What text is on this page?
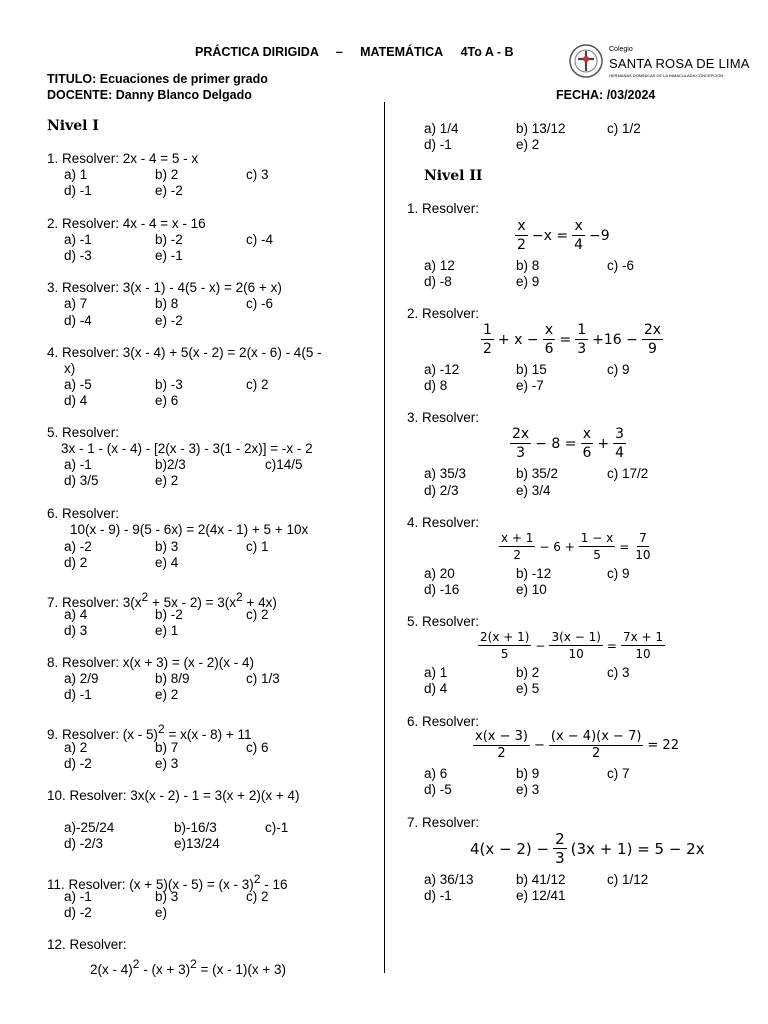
PRÁCTICA DIRIGIDA – MATEMÁTICA 4To A - B	Colegio
SANTA ROSA DE LIMA
HERMANAS DOMINICAS DE LA INMACULADA CONCEPCIÓN
TITULO: Ecuaciones de primer grado
DOCENTE: Danny Blanco Delgado	FECHA: /03/2024
Nivel I
1. Resolver: 2x - 4 = 5 - x
a) 1	b) 2	c) 3
d) -1	e) -2
2. Resolver: 4x - 4 = x - 16
a) -1	b) -2	c) -4
d) -3	e) -1
3. Resolver: 3(x - 1) - 4(5 - x) = 2(6 + x)
a) 7	b) 8	c) -6
d) -4	e) -2
4. Resolver: 3(x - 4) + 5(x - 2) = 2(x - 6) - 4(5 -
x)
a) -5	b) -3	c) 2
d) 4	e) 6
5. Resolver:
3x - 1 - (x - 4) - [2(x - 3) - 3(1 - 2x)] = -x - 2
a) -1	b)2/3	c)14/5
d) 3/5	e) 2
6. Resolver:
10(x - 9) - 9(5 - 6x) = 2(4x - 1) + 5 + 10x
a) -2	b) 3	c) 1
d) 2	e) 4
7. Resolver: $3(x^2 + 5x - 2) = 3(x^2 + 4x)$
a) 4	b) -2	c) 2
d) 3	e) 1
8. Resolver: x(x + 3) = (x - 2)(x - 4)
a) 2/9	b) 8/9	c) 1/3
d) -1	e) 2
9. Resolver: (x - 5)$^2$ = x(x - 8) + 11
a) 2	b) 7	c) 6
d) -2	e) 3
10. Resolver: 3x(x - 2) - 1 = 3(x + 2)(x + 4)
a)-25/24	b)-16/3	c)-1
d) -2/3	e)13/24
11. Resolver: (x + 5)(x - 5) = (x - 3)$^2$ - 16
a) -1	b) 3	c) 2
d) -2	e)
12. Resolver:
$2(x - 4)^2 - (x + 3)^2 = (x - 1)(x + 3)$
a) 1/4	b) 13/12	c) 1/2
d) -1	e) 2
Nivel II
1. Resolver:
$\frac{x}{2} -x = \frac{x}{4} -9$
a) 12	b) 8	c) -6
d) -8	e) 9
2. Resolver:
$\frac{1}{2} + x - \frac{x}{6} = \frac{1}{3} +16 - \frac{2x}{9}$
a) -12	b) 15	c) 9
d) 8	e) -7
3. Resolver:
$\frac{2x}{3} - 8 = \frac{x}{6} + \frac{3}{4}$
a) 35/3	b) 35/2	c) 17/2
d) 2/3	e) 3/4
4. Resolver:
$\frac{x + 1}{2} - 6 + \frac{1 - x}{5} = \frac{7}{10}$
a) 20	b) -12	c) 9
d) -16	e) 10
5. Resolver:
$\frac{2(x + 1)}{5} - \frac{3(x - 1)}{10} = \frac{7x + 1}{10}$
a) 1	b) 2	c) 3
d) 4	e) 5
6. Resolver:
$\frac{x(x - 3)}{2} - \frac{(x - 4)(x - 7)}{2} = 22$
a) 6	b) 9	c) 7
d) -5	e) 3
7. Resolver:
$4(x - 2) - \frac{2}{3} (3x + 1) = 5 - 2x$
a) 36/13	b) 41/12	c) 1/12
d) -1	e) 12/41
